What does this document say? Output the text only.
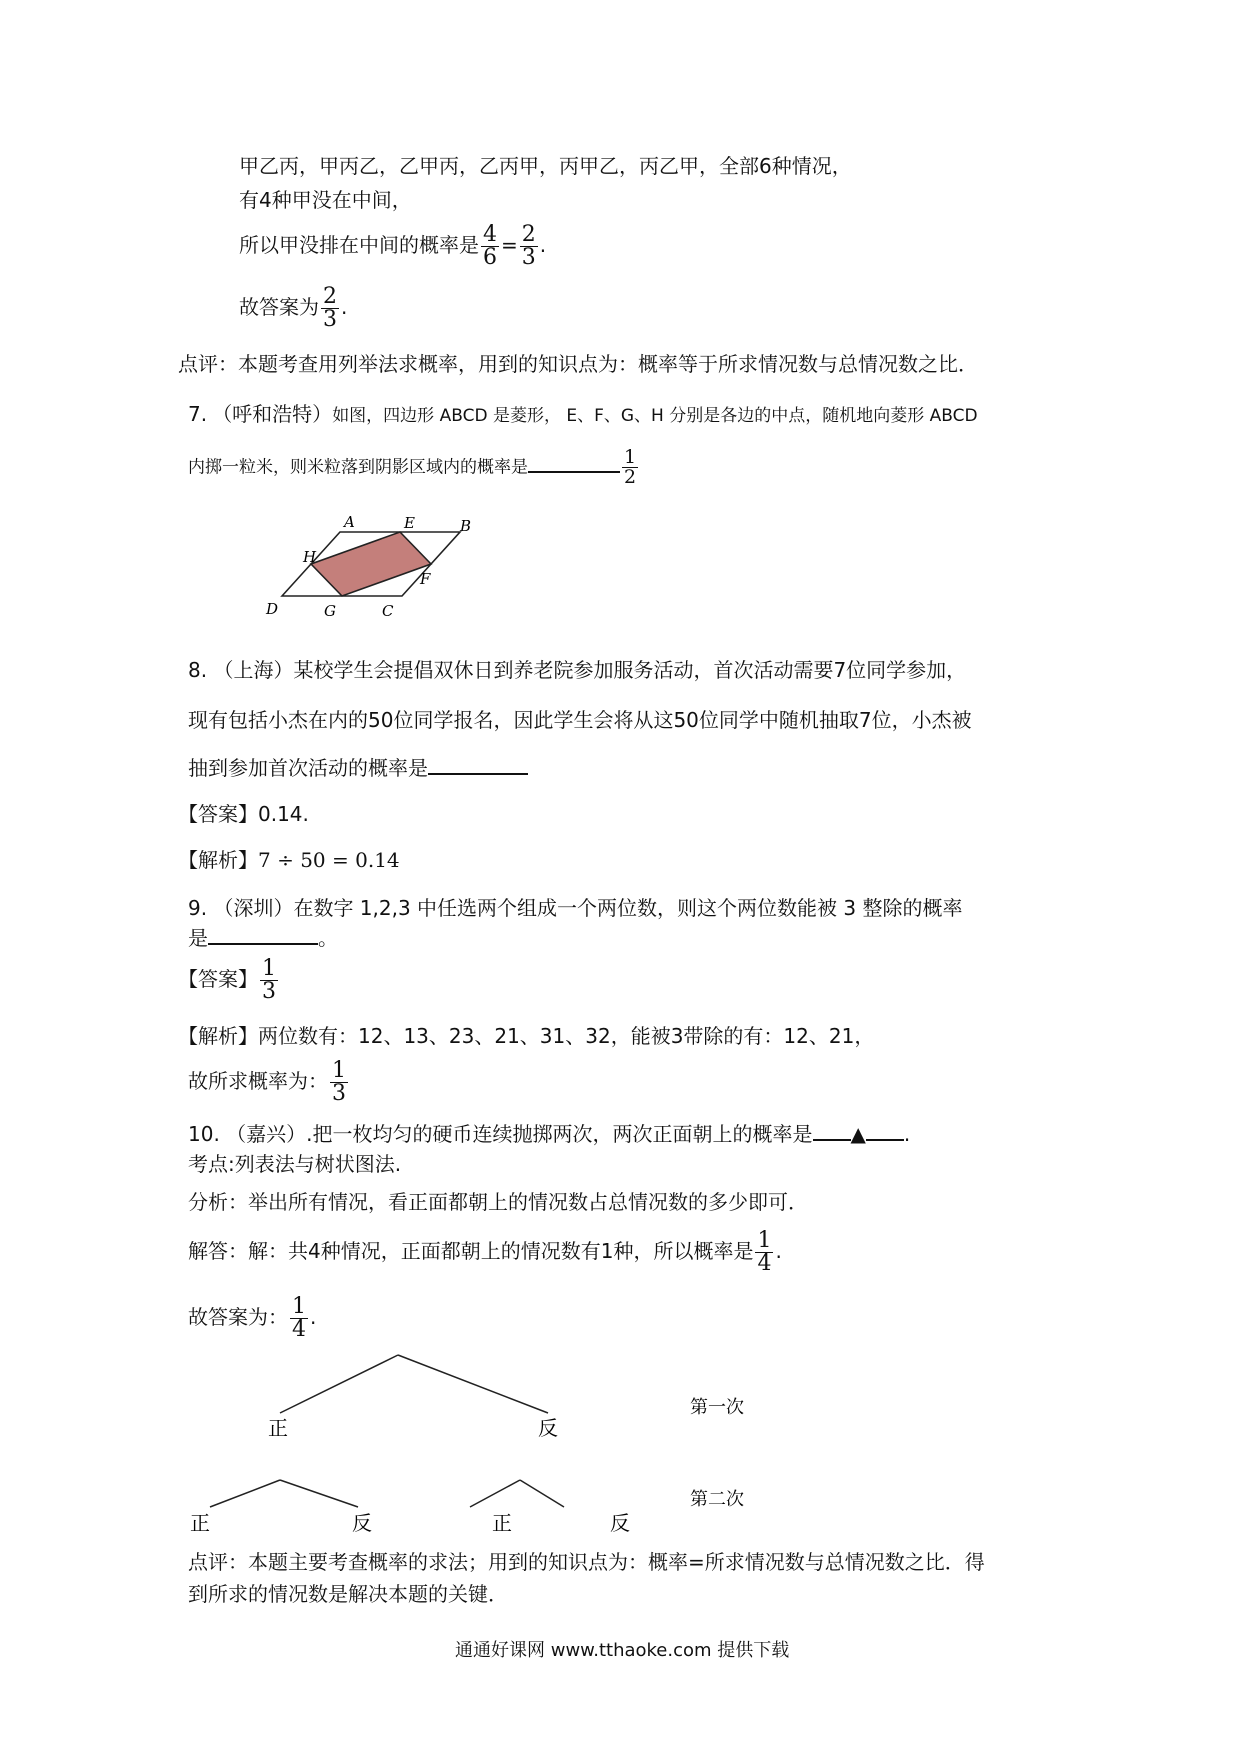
甲乙丙，甲丙乙，乙甲丙，乙丙甲，丙甲乙，丙乙甲，全部6种情况，
有4种甲没在中间，
所以甲没排在中间的概率是 $\frac{4}{6} = \frac{2}{3}$ .
故答案为 $\frac{2}{3}$ .
点评：本题考查用列举法求概率，用到的知识点为：概率等于所求情况数与总情况数之比．
7. （呼和浩特）如图，四边形 ABCD 是菱形， E、F、G、H 分别是各边的中点，随机地向菱形 ABCD
内掷一粒米，则米粒落到阴影区域内的概率是	$\frac{1}{2}$
A	E	B
H
F
D	G	C
8. （上海）某校学生会提倡双休日到养老院参加服务活动，首次活动需要7位同学参加，
现有包括小杰在内的50位同学报名，因此学生会将从这50位同学中随机抽取7位，小杰被
抽到参加首次活动的概率是
【答案】0.14.
【解析】7 ÷ 50 = 0.14
9. （深圳）在数字 1,2,3 中任选两个组成一个两位数，则这个两位数能被 3 整除的概率
是	。
【答案】 $\frac{1}{3}$
【解析】两位数有：12、13、23、21、31、32，能被3带除的有：12、21，
故所求概率为： $\frac{1}{3}$
10. （嘉兴）.把一枚均匀的硬币连续抛掷两次，两次正面朝上的概率是 ▲ .
考点:列表法与树状图法.
分析：举出所有情况，看正面都朝上的情况数占总情况数的多少即可．
解答：解：共4种情况，正面都朝上的情况数有1种，所以概率是 $\frac{1}{4}$ .
故答案为： $\frac{1}{4}$ .
正	反
第一次
正	反	正	反
第二次
点评：本题主要考查概率的求法；用到的知识点为：概率=所求情况数与总情况数之比．得
到所求的情况数是解决本题的关键．
通通好课网 www.tthaoke.com 提供下载
